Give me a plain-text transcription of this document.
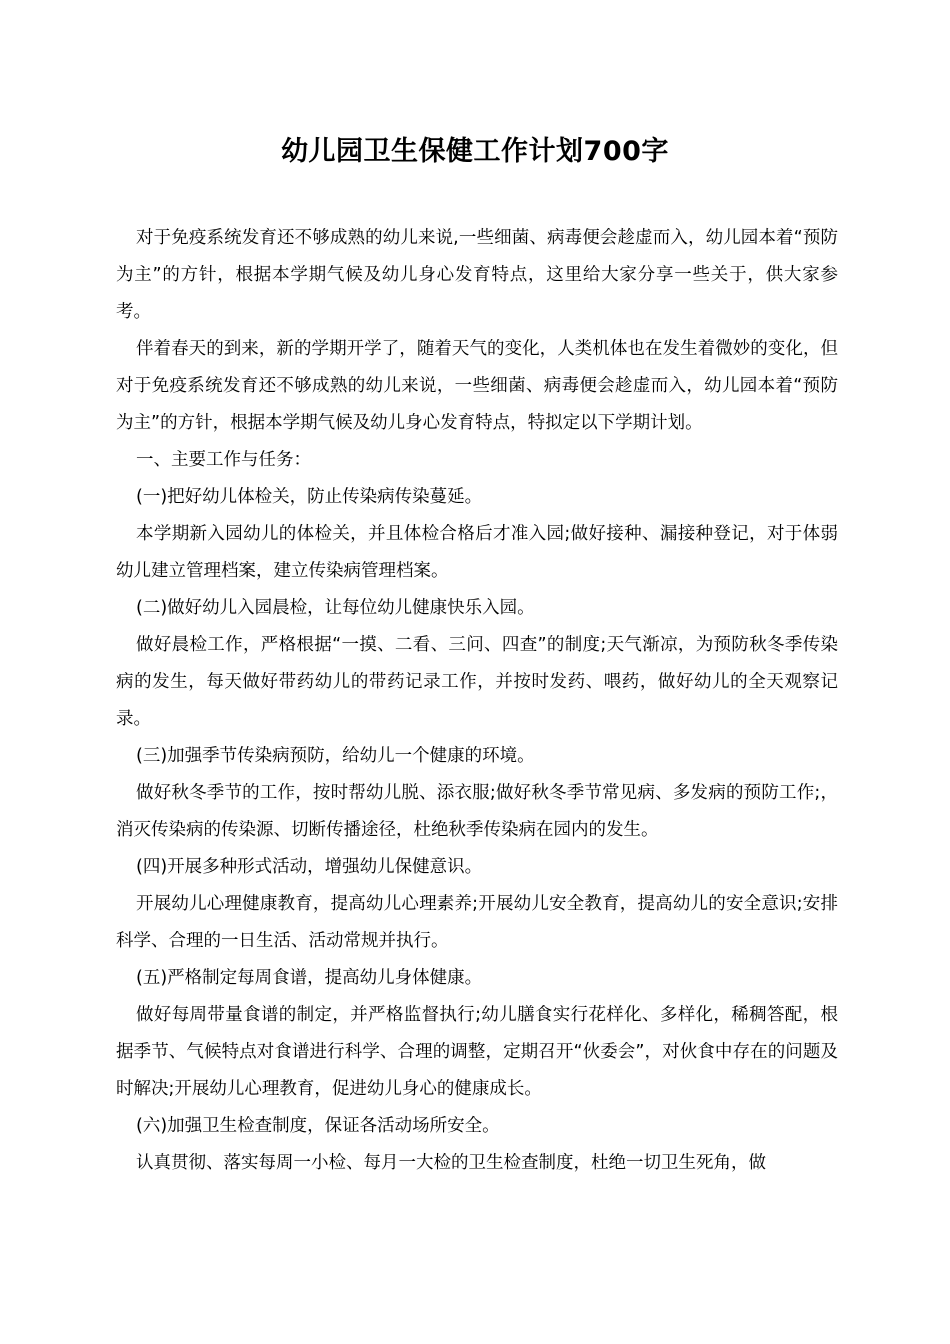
幼儿园卫生保健工作计划700字

对于免疫系统发育还不够成熟的幼儿来说,一些细菌、病毒便会趁虚而入，幼儿园本着“预防为主”的方针，根据本学期气候及幼儿身心发育特点，这里给大家分享一些关于，供大家参考。

伴着春天的到来，新的学期开学了，随着天气的变化，人类机体也在发生着微妙的变化，但对于免疫系统发育还不够成熟的幼儿来说，一些细菌、病毒便会趁虚而入，幼儿园本着“预防为主”的方针，根据本学期气候及幼儿身心发育特点，特拟定以下学期计划。

一、主要工作与任务：

(一)把好幼儿体检关，防止传染病传染蔓延。

本学期新入园幼儿的体检关，并且体检合格后才准入园;做好接种、漏接种登记，对于体弱幼儿建立管理档案，建立传染病管理档案。

(二)做好幼儿入园晨检，让每位幼儿健康快乐入园。

做好晨检工作，严格根据“一摸、二看、三问、四查”的制度;天气渐凉，为预防秋冬季传染病的发生，每天做好带药幼儿的带药记录工作，并按时发药、喂药，做好幼儿的全天观察记录。

(三)加强季节传染病预防，给幼儿一个健康的环境。

做好秋冬季节的工作，按时帮幼儿脱、添衣服;做好秋冬季节常见病、多发病的预防工作;，消灭传染病的传染源、切断传播途径，杜绝秋季传染病在园内的发生。

(四)开展多种形式活动，增强幼儿保健意识。

开展幼儿心理健康教育，提高幼儿心理素养;开展幼儿安全教育，提高幼儿的安全意识;安排科学、合理的一日生活、活动常规并执行。

(五)严格制定每周食谱，提高幼儿身体健康。

做好每周带量食谱的制定，并严格监督执行;幼儿膳食实行花样化、多样化，稀稠答配，根据季节、气候特点对食谱进行科学、合理的调整，定期召开“伙委会”，对伙食中存在的问题及时解决;开展幼儿心理教育，促进幼儿身心的健康成长。

(六)加强卫生检查制度，保证各活动场所安全。

认真贯彻、落实每周一小检、每月一大检的卫生检查制度，杜绝一切卫生死角，做
